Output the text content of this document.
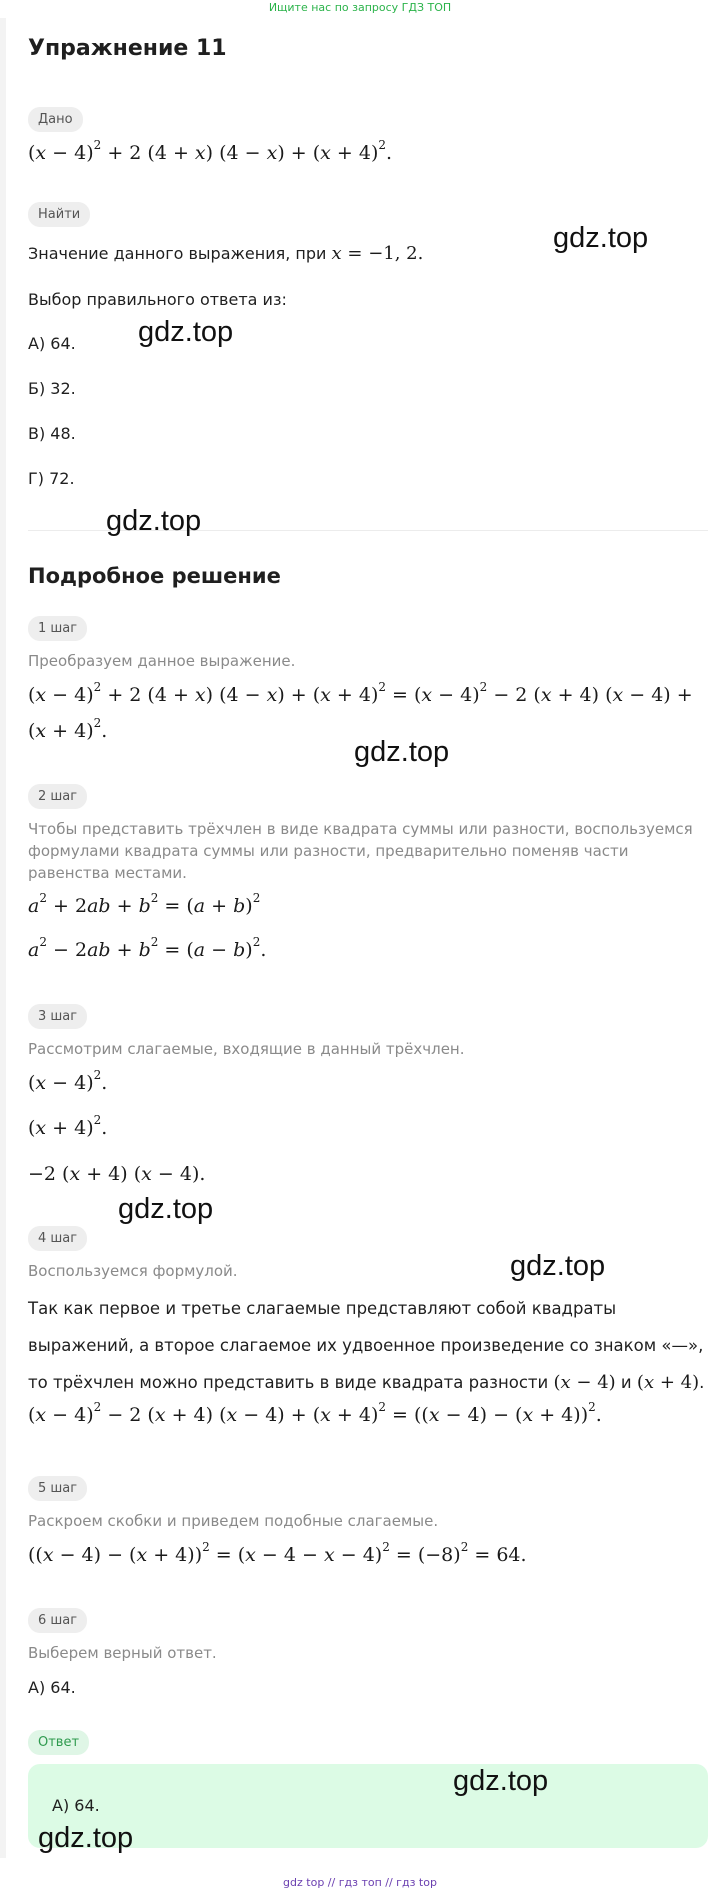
Ищите нас по запросу ГДЗ ТОП
Упражнение 11
Дано
$(x - 4)^2 + 2$ (4 + x) $(4 - x) + (x + 4)^2$.
Найти
Значение данного выражения, при x = −1, 2.
Выбор правильного ответа из:
А) 64.
Б) 32.
В) 48.
Г) 72.
Подробное решение
1 шаг
Преобразуем данное выражение.
$(x - 4)^2 + 2$ (4 + x) $(4 - x) + (x + 4)^2 = (x - 4)^2 - 2$ (x + 4) (x − 4) +
$(x + 4)^2$.
2 шаг
Чтобы представить трёхчлен в виде квадрата суммы или разности, воспользуемся формулами квадрата суммы или разности, предварительно поменяв части равенства местами.
$a^2 + 2ab + b^2 = (a + b)^2$
$a^2 - 2ab + b^2 = (a - b)^2$.
3 шаг
Рассмотрим слагаемые, входящие в данный трёхчлен.
$(x - 4)^2$.
$(x + 4)^2$.
−2 (x + 4) (x − 4).
4 шаг
Воспользуемся формулой.
Так как первое и третье слагаемые представляют собой квадраты выражений, а второе слагаемое их удвоенное произведение со знаком «—», то трёхчлен можно представить в виде квадрата разности (x − 4) и (x + 4).
$(x - 4)^2 - 2$ (x + 4) $(x - 4) + (x + 4)^2 = ((x - 4) - (x + 4))^2$.
5 шаг
Раскроем скобки и приведем подобные слагаемые.
$((x - 4) - (x + 4))^2 = (x - 4 - x - 4)^2 = (-8)^2 = 64$.
6 шаг
Выберем верный ответ.
А) 64.
Ответ
А) 64.
gdz.top
gdz.top
gdz.top
gdz.top
gdz.top
gdz.top
gdz.top
gdz.top
gdz top // гдз топ // гдз top
